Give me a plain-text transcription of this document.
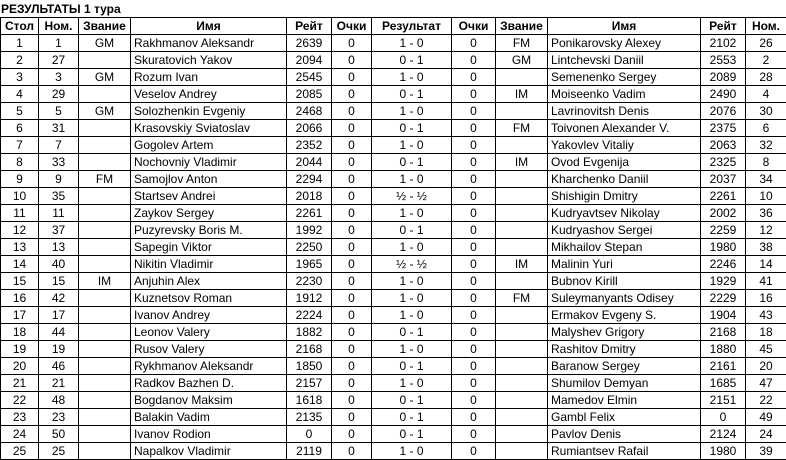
РЕЗУЛЬТАТЫ 1 тура
Стол	Ном.	Звание	Имя	Рейт	Очки	Результат	Очки	Звание	Имя	Рейт	Ном.
1	1	GM	Rakhmanov Aleksandr	2639	0	1 - 0	0	FM	Ponikarovsky Alexey	2102	26
2	27		Skuratovich Yakov	2094	0	0 - 1	0	GM	Lintchevski Daniil	2553	2
3	3	GM	Rozum Ivan	2545	0	1 - 0	0		Semenenko Sergey	2089	28
4	29		Veselov Andrey	2085	0	0 - 1	0	IM	Moiseenko Vadim	2490	4
5	5	GM	Solozhenkin Evgeniy	2468	0	1 - 0	0		Lavrinovitsh Denis	2076	30
6	31		Krasovskiy Sviatoslav	2066	0	0 - 1	0	FM	Toivonen Alexander V.	2375	6
7	7		Gogolev Artem	2352	0	1 - 0	0		Yakovlev Vitaliy	2063	32
8	33		Nochovniy Vladimir	2044	0	0 - 1	0	IM	Ovod Evgenija	2325	8
9	9	FM	Samojlov Anton	2294	0	1 - 0	0		Kharchenko Daniil	2037	34
10	35		Startsev Andrei	2018	0	½ - ½	0		Shishigin Dmitry	2261	10
11	11		Zaykov Sergey	2261	0	1 - 0	0		Kudryavtsev Nikolay	2002	36
12	37		Puzyrevsky Boris M.	1992	0	0 - 1	0		Kudryashov Sergei	2259	12
13	13		Sapegin Viktor	2250	0	1 - 0	0		Mikhailov Stepan	1980	38
14	40		Nikitin Vladimir	1965	0	½ - ½	0	IM	Malinin Yuri	2246	14
15	15	IM	Anjuhin Alex	2230	0	1 - 0	0		Bubnov Kirill	1929	41
16	42		Kuznetsov Roman	1912	0	1 - 0	0	FM	Suleymanyants Odisey	2229	16
17	17		Ivanov Andrey	2224	0	1 - 0	0		Ermakov Evgeny S.	1904	43
18	44		Leonov Valery	1882	0	0 - 1	0		Malyshev Grigory	2168	18
19	19		Rusov Valery	2168	0	1 - 0	0		Rashitov Dmitry	1880	45
20	46		Rykhmanov Aleksandr	1850	0	0 - 1	0		Baranow Sergey	2161	20
21	21		Radkov Bazhen D.	2157	0	1 - 0	0		Shumilov Demyan	1685	47
22	48		Bogdanov Maksim	1618	0	0 - 1	0		Mamedov Elmin	2151	22
23	23		Balakin Vadim	2135	0	0 - 1	0		Gambl Felix	0	49
24	50		Ivanov Rodion	0	0	0 - 1	0		Pavlov Denis	2124	24
25	25		Napalkov Vladimir	2119	0	1 - 0	0		Rumiantsev Rafail	1980	39
